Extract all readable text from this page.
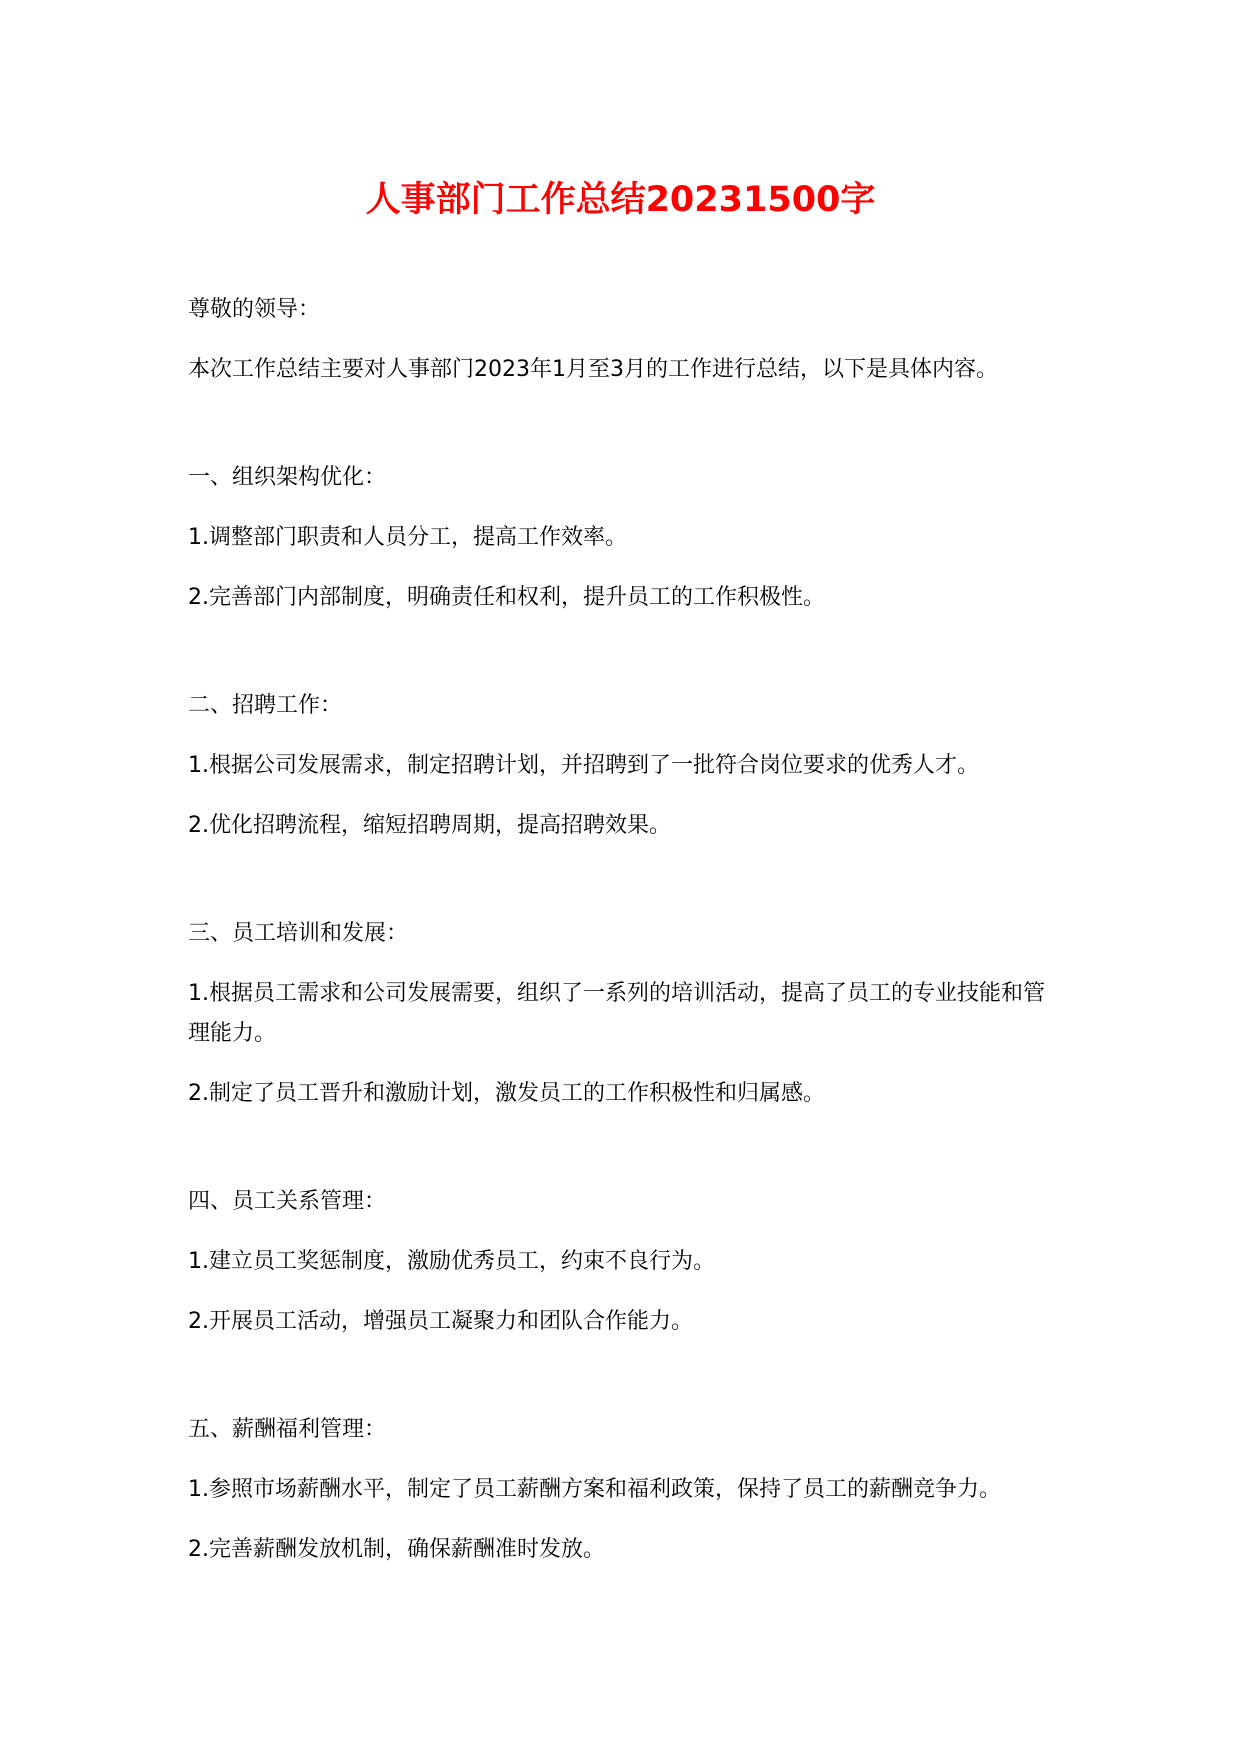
人事部门工作总结20231500字

尊敬的领导：

本次工作总结主要对人事部门2023年1月至3月的工作进行总结，以下是具体内容。

一、组织架构优化：

1.调整部门职责和人员分工，提高工作效率。

2.完善部门内部制度，明确责任和权利，提升员工的工作积极性。

二、招聘工作：

1.根据公司发展需求，制定招聘计划，并招聘到了一批符合岗位要求的优秀人才。

2.优化招聘流程，缩短招聘周期，提高招聘效果。

三、员工培训和发展：

1.根据员工需求和公司发展需要，组织了一系列的培训活动，提高了员工的专业技能和管理能力。

2.制定了员工晋升和激励计划，激发员工的工作积极性和归属感。

四、员工关系管理：

1.建立员工奖惩制度，激励优秀员工，约束不良行为。

2.开展员工活动，增强员工凝聚力和团队合作能力。

五、薪酬福利管理：

1.参照市场薪酬水平，制定了员工薪酬方案和福利政策，保持了员工的薪酬竞争力。

2.完善薪酬发放机制，确保薪酬准时发放。
